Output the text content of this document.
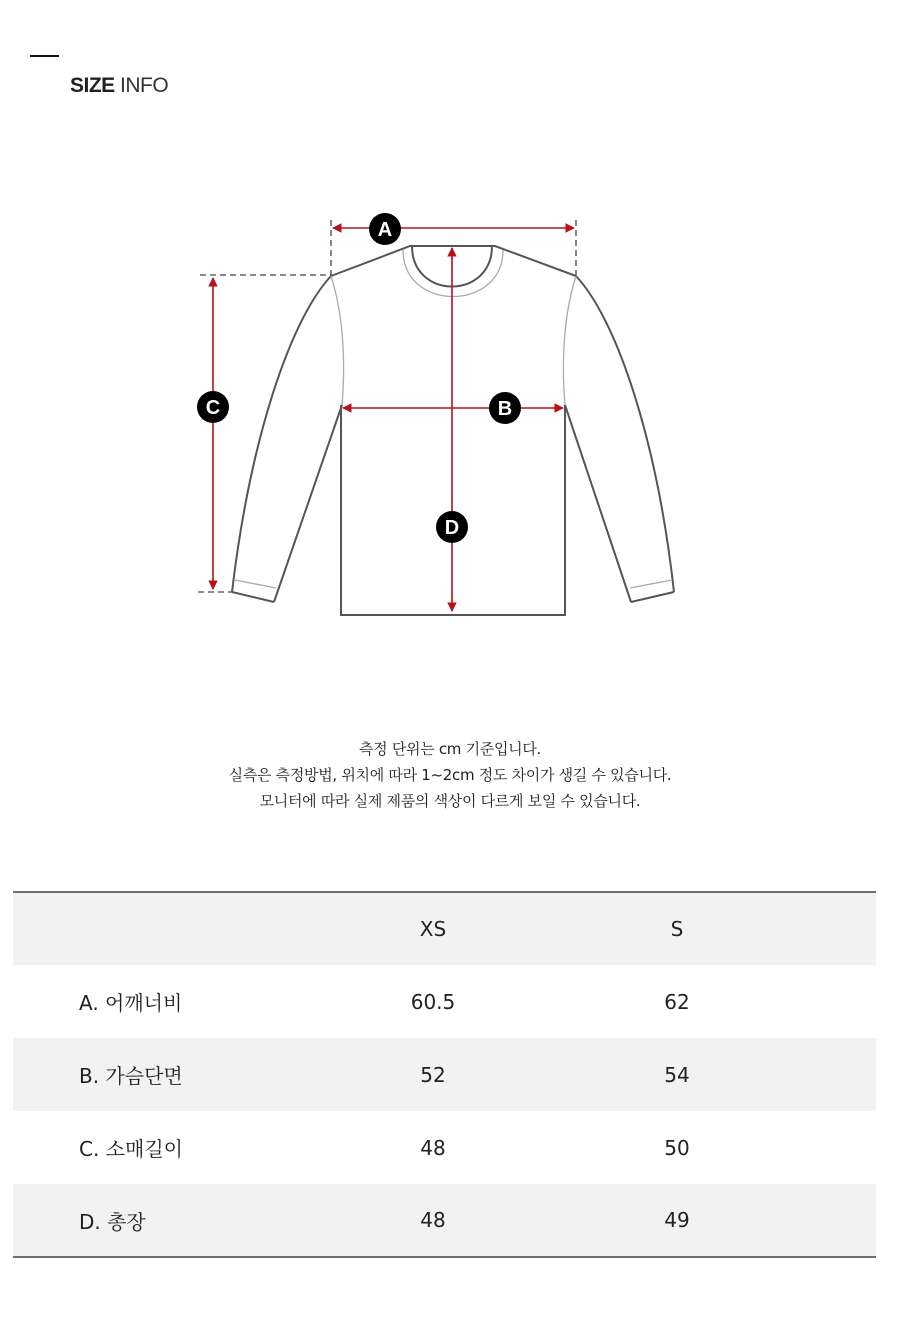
SIZE INFO
A
B
C
D
측정 단위는 cm 기준입니다.
실측은 측정방법, 위치에 따라 1~2cm 정도 차이가 생길 수 있습니다.
모니터에 따라 실제 제품의 색상이 다르게 보일 수 있습니다.
	XS	S	
A. 어깨너비	60.5	62	
B. 가슴단면	52	54	
C. 소매길이	48	50	
D. 총장	48	49	
